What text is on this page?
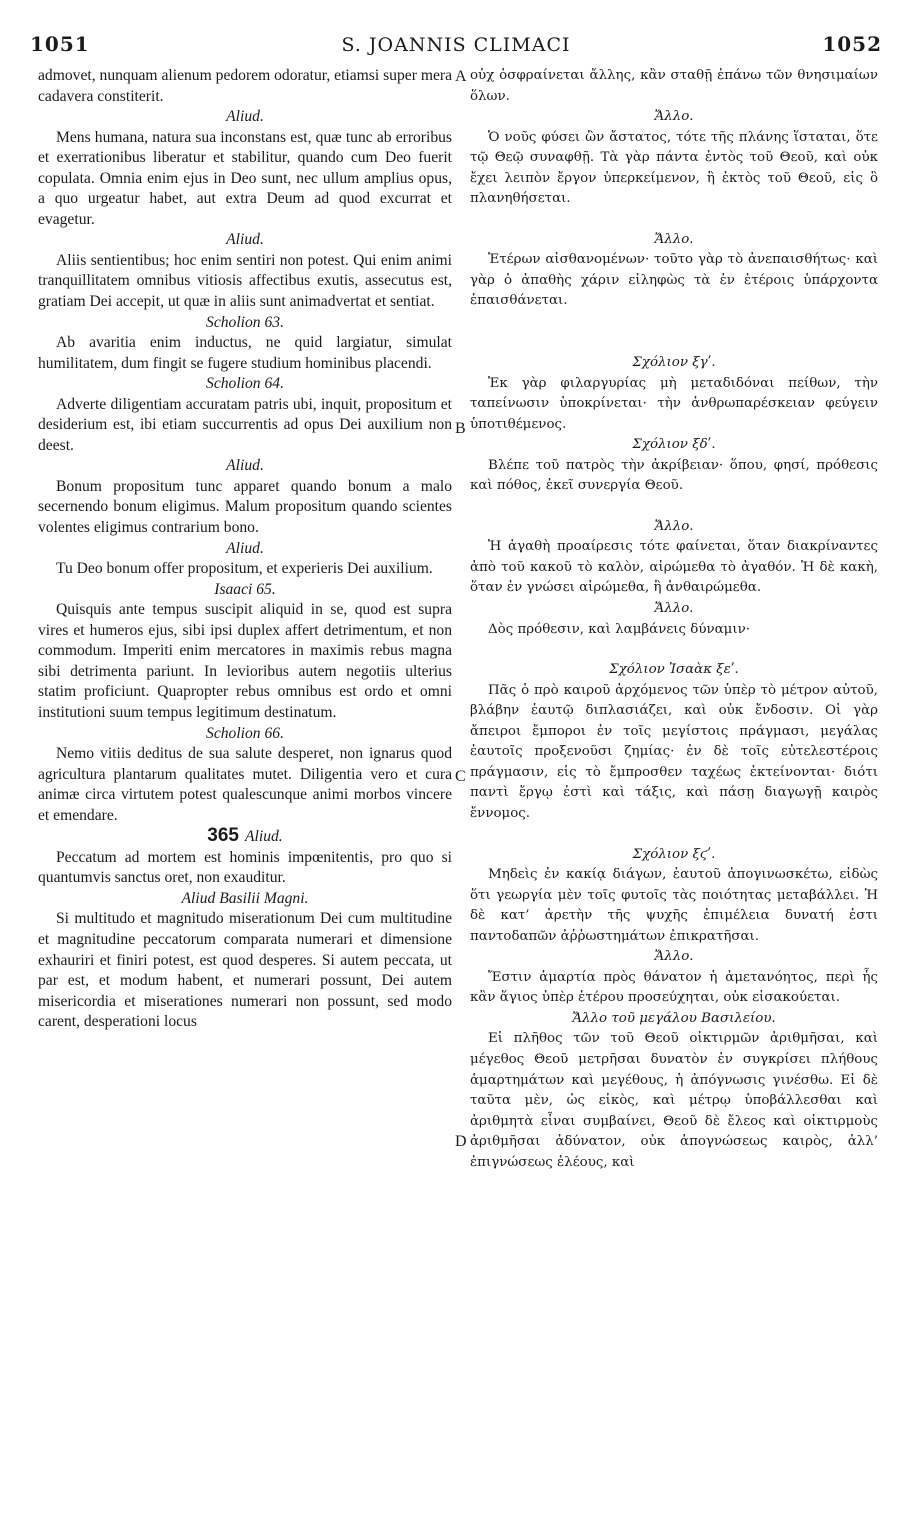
1051	S. JOANNIS CLIMACI	1052
admovet, nunquam alienum pedorem odoratur, etiamsi super mera cadavera constiterit.
Aliud.
Mens humana, natura sua inconstans est, quæ tunc ab erroribus et exerrationibus liberatur et stabilitur, quando cum Deo fuerit copulata. Omnia enim ejus in Deo sunt, nec ullum amplius opus, a quo urgeatur habet, aut extra Deum ad quod excurrat et evagetur.
Aliud.
Aliis sentientibus; hoc enim sentiri non potest. Qui enim animi tranquillitatem omnibus vitiosis affectibus exutis, assecutus est, gratiam Dei accepit, ut quæ in aliis sunt animadvertat et sentiat.
Scholion 63.
Ab avaritia enim inductus, ne quid largiatur, simulat humilitatem, dum fingit se fugere studium hominibus placendi.
Scholion 64.
Adverte diligentiam accuratam patris ubi, inquit, propositum et desiderium est, ibi etiam succurrentis ad opus Dei auxilium non deest.
Aliud.
Bonum propositum tunc apparet quando bonum a malo secernendo bonum eligimus. Malum propositum quando scientes volentes eligimus contrarium bono.
Aliud.
Tu Deo bonum offer propositum, et experieris Dei auxilium.
Isaaci 65.
Quisquis ante tempus suscipit aliquid in se, quod est supra vires et humeros ejus, sibi ipsi duplex affert detrimentum, et non commodum. Imperiti enim mercatores in maximis rebus magna sibi detrimenta pariunt. In levioribus autem negotiis ulterius statim proficiunt. Quapropter rebus omnibus est ordo et omni institutioni suum tempus legitimum destinatum.
Scholion 66.
Nemo vitiis deditus de sua salute desperet, non ignarus quod agricultura plantarum qualitates mutet. Diligentia vero et cura animæ circa virtutem potest qualescunque animi morbos vincere et emendare.
365 Aliud.
Peccatum ad mortem est hominis impœnitentis, pro quo si quantumvis sanctus oret, non exauditur.
Aliud Basilii Magni.
Si multitudo et magnitudo miserationum Dei cum multitudine et magnitudine peccatorum comparata numerari et dimensione exhauriri et finiri potest, est quod desperes. Si autem peccata, ut par est, et modum habent, et numerari possunt, Dei autem misericordia et miserationes numerari non possunt, sed modo carent, desperationi locus
οὐχ ὀσφραίνεται ἄλλης, κἂν σταθῇ ἐπάνω τῶν θνησιμαίων ὅλων.
Ἄλλο.
Ὁ νοῦς φύσει ὢν ἄστατος, τότε τῆς πλάνης ἵσταται, ὅτε τῷ Θεῷ συναφθῇ. Τὰ γὰρ πάντα ἐντὸς τοῦ Θεοῦ, καὶ οὐκ ἔχει λειπὸν ἔργον ὑπερκείμενον, ἢ ἐκτὸς τοῦ Θεοῦ, εἰς ὃ πλανηθήσεται.
Ἄλλο.
Ἑτέρων αἰσθανομένων· τοῦτο γὰρ τὸ ἀνεπαισθήτως· καὶ γὰρ ὁ ἀπαθὴς χάριν εἰληφὼς τὰ ἐν ἑτέροις ὑπάρχοντα ἐπαισθάνεται.
Σχόλιον ξγʹ.
Ἐκ γὰρ φιλαργυρίας μὴ μεταδιδόναι πείθων, τὴν ταπείνωσιν ὑποκρίνεται· τὴν ἀνθρωπαρέσκειαν φεύγειν ὑποτιθέμενος.
Σχόλιον ξδʹ.
Βλέπε τοῦ πατρὸς τὴν ἀκρίβειαν· ὅπου, φησί, πρόθεσις καὶ πόθος, ἐκεῖ συνεργία Θεοῦ.
Ἄλλο.
Ἡ ἀγαθὴ προαίρεσις τότε φαίνεται, ὅταν διακρίναντες ἀπὸ τοῦ κακοῦ τὸ καλὸν, αἱρώμεθα τὸ ἀγαθόν. Ἡ δὲ κακὴ, ὅταν ἐν γνώσει αἱρώμεθα, ἢ ἀνθαιρώμεθα.
Ἄλλο.
Δὸς πρόθεσιν, καὶ λαμβάνεις δύναμιν·
Σχόλιον Ἰσαὰκ ξεʹ.
Πᾶς ὁ πρὸ καιροῦ ἀρχόμενος τῶν ὑπὲρ τὸ μέτρον αὐτοῦ, βλάβην ἑαυτῷ διπλασιάζει, καὶ οὐκ ἔνδοσιν. Οἱ γὰρ ἄπειροι ἔμποροι ἐν τοῖς μεγίστοις πράγμασι, μεγάλας ἑαυτοῖς προξενοῦσι ζημίας· ἐν δὲ τοῖς εὐτελεστέροις πράγμασιν, εἰς τὸ ἔμπροσθεν ταχέως ἐκτείνονται· διότι παντὶ ἔργῳ ἐστὶ καὶ τάξις, καὶ πάσῃ διαγωγῇ καιρὸς ἔννομος.
Σχόλιον ξϛʹ.
Μηδεὶς ἐν κακίᾳ διάγων, ἑαυτοῦ ἀπογινωσκέτω, εἰδὼς ὅτι γεωργία μὲν τοῖς φυτοῖς τὰς ποιότητας μεταβάλλει. Ἡ δὲ κατ’ ἀρετὴν τῆς ψυχῆς ἐπιμέλεια δυνατή ἐστι παντοδαπῶν ἀῤῥωστημάτων ἐπικρατῆσαι.
Ἄλλο.
Ἔστιν ἁμαρτία πρὸς θάνατον ἡ ἀμετανόητος, περὶ ἧς κἂν ἅγιος ὑπὲρ ἑτέρου προσεύχηται, οὐκ εἰσακούεται.
Ἄλλο τοῦ μεγάλου Βασιλείου.
Εἰ πλῆθος τῶν τοῦ Θεοῦ οἰκτιρμῶν ἀριθμῆσαι, καὶ μέγεθος Θεοῦ μετρῆσαι δυνατὸν ἐν συγκρίσει πλήθους ἁμαρτημάτων καὶ μεγέθους, ἡ ἀπόγνωσις γινέσθω. Εἰ δὲ ταῦτα μὲν, ὡς εἰκὸς, καὶ μέτρῳ ὑποβάλλεσθαι καὶ ἀριθμητὰ εἶναι συμβαίνει, Θεοῦ δὲ ἔλεος καὶ οἰκτιρμοὺς ἀριθμῆσαι ἀδύνατον, οὐκ ἀπογνώσεως καιρὸς, ἀλλ’ ἐπιγνώσεως ἐλέους, καὶ
A
B
C
D
